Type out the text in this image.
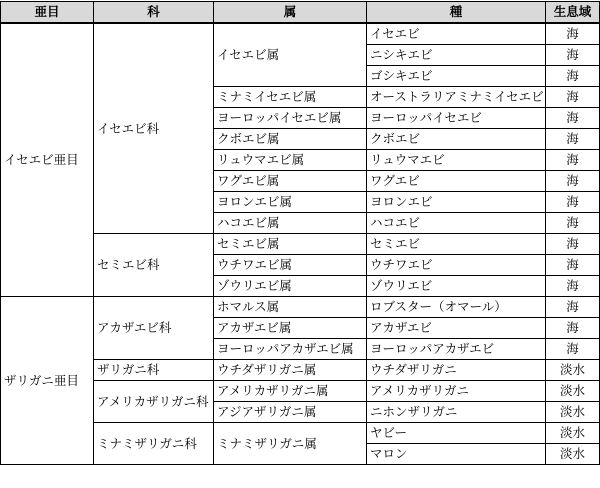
亜目	科	属	種	生息域
イセエビ亜目	イセエビ科	イセエビ属	イセエビ	海
			ニシキエビ	海
			ゴシキエビ	海
		ミナミイセエビ属	オーストラリアミナミイセエビ	海
		ヨーロッパイセエビ属	ヨーロッパイセエビ	海
		クボエビ属	クボエビ	海
		リュウマエビ属	リュウマエビ	海
		ワグエビ属	ワグエビ	海
		ヨロンエビ属	ヨロンエビ	海
		ハコエビ属	ハコエビ	海
	セミエビ科	セミエビ属	セミエビ	海
		ウチワエビ属	ウチワエビ	海
		ゾウリエビ属	ゾウリエビ	海
ザリガニ亜目	アカザエビ科	ホマルス属	ロブスター（オマール）	海
		アカザエビ属	アカザエビ	海
		ヨーロッパアカザエビ属	ヨーロッパアカザエビ	海
	ザリガニ科	ウチダザリガニ属	ウチダザリガニ	淡水
	アメリカザリガニ科	アメリカザリガニ属	アメリカザリガニ	淡水
		アジアザリガニ属	ニホンザリガニ	淡水
	ミナミザリガニ科	ミナミザリガニ属	ヤビー	淡水
			マロン	淡水
